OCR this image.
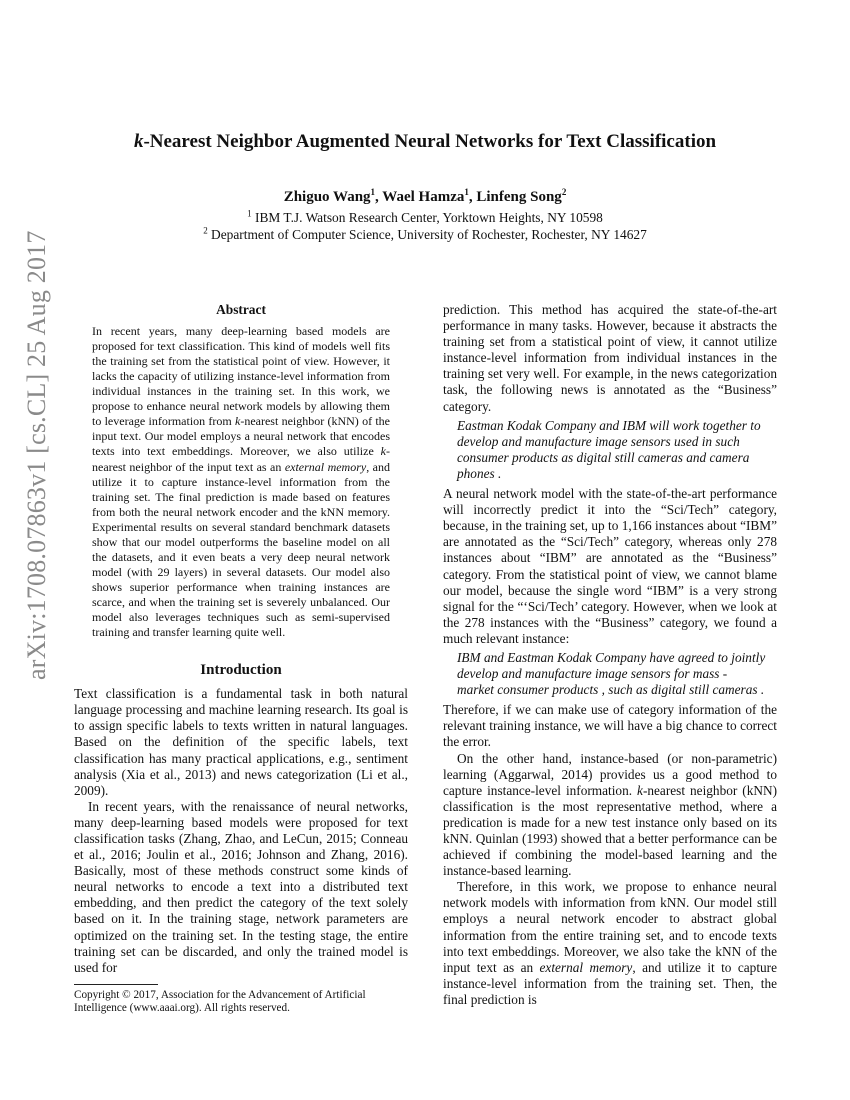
arXiv:1708.07863v1 [cs.CL] 25 Aug 2017
k-Nearest Neighbor Augmented Neural Networks for Text Classification
Zhiguo Wang$^1$, Wael Hamza$^1$, Linfeng Song$^2$
$^1$ IBM T.J. Watson Research Center, Yorktown Heights, NY 10598
$^2$ Department of Computer Science, University of Rochester, Rochester, NY 14627
Abstract
In recent years, many deep-learning based models are proposed for text classification. This kind of models well fits the training set from the statistical point of view. However, it lacks the capacity of utilizing instance-level information from individual instances in the training set. In this work, we propose to enhance neural network models by allowing them to leverage information from k-nearest neighbor (kNN) of the input text. Our model employs a neural network that encodes texts into text embeddings. Moreover, we also utilize k-nearest neighbor of the input text as an external memory, and utilize it to capture instance-level information from the training set. The final prediction is made based on features from both the neural network encoder and the kNN memory. Experimental results on several standard benchmark datasets show that our model outperforms the baseline model on all the datasets, and it even beats a very deep neural network model (with 29 layers) in several datasets. Our model also shows superior performance when training instances are scarce, and when the training set is severely unbalanced. Our model also leverages techniques such as semi-supervised training and transfer learning quite well.
Introduction

Text classification is a fundamental task in both natural language processing and machine learning research. Its goal is to assign specific labels to texts written in natural languages. Based on the definition of the specific labels, text classification has many practical applications, e.g., sentiment analysis (Xia et al., 2013) and news categorization (Li et al., 2009).

In recent years, with the renaissance of neural networks, many deep-learning based models were proposed for text classification tasks (Zhang, Zhao, and LeCun, 2015; Conneau et al., 2016; Joulin et al., 2016; Johnson and Zhang, 2016). Basically, most of these methods construct some kinds of neural networks to encode a text into a distributed text embedding, and then predict the category of the text solely based on it. In the training stage, network parameters are optimized on the training set. In the testing stage, the entire training set can be discarded, and only the trained model is used for

Copyright © 2017, Association for the Advancement of Artificial Intelligence (www.aaai.org). All rights reserved.

prediction. This method has acquired the state-of-the-art performance in many tasks. However, because it abstracts the training set from a statistical point of view, it cannot utilize instance-level information from individual instances in the training set very well. For example, in the news categorization task, the following news is annotated as the “Business” category.

Eastman Kodak Company and IBM will work together to develop and manufacture image sensors used in such consumer products as digital still cameras and camera phones .

A neural network model with the state-of-the-art performance will incorrectly predict it into the “Sci/Tech” category, because, in the training set, up to 1,166 instances about “IBM” are annotated as the “Sci/Tech” category, whereas only 278 instances about “IBM” are annotated as the “Business” category. From the statistical point of view, we cannot blame our model, because the single word “IBM” is a very strong signal for the “‘Sci/Tech’ category. However, when we look at the 278 instances with the “Business” category, we found a much relevant instance:

IBM and Eastman Kodak Company have agreed to jointly develop and manufacture image sensors for mass - market consumer products , such as digital still cameras .

Therefore, if we can make use of category information of the relevant training instance, we will have a big chance to correct the error.

On the other hand, instance-based (or non-parametric) learning (Aggarwal, 2014) provides us a good method to capture instance-level information. k-nearest neighbor (kNN) classification is the most representative method, where a predication is made for a new test instance only based on its kNN. Quinlan (1993) showed that a better performance can be achieved if combining the model-based learning and the instance-based learning.

Therefore, in this work, we propose to enhance neural network models with information from kNN. Our model still employs a neural network encoder to abstract global information from the entire training set, and to encode texts into text embeddings. Moreover, we also take the kNN of the input text as an external memory, and utilize it to capture instance-level information from the training set. Then, the final prediction is
